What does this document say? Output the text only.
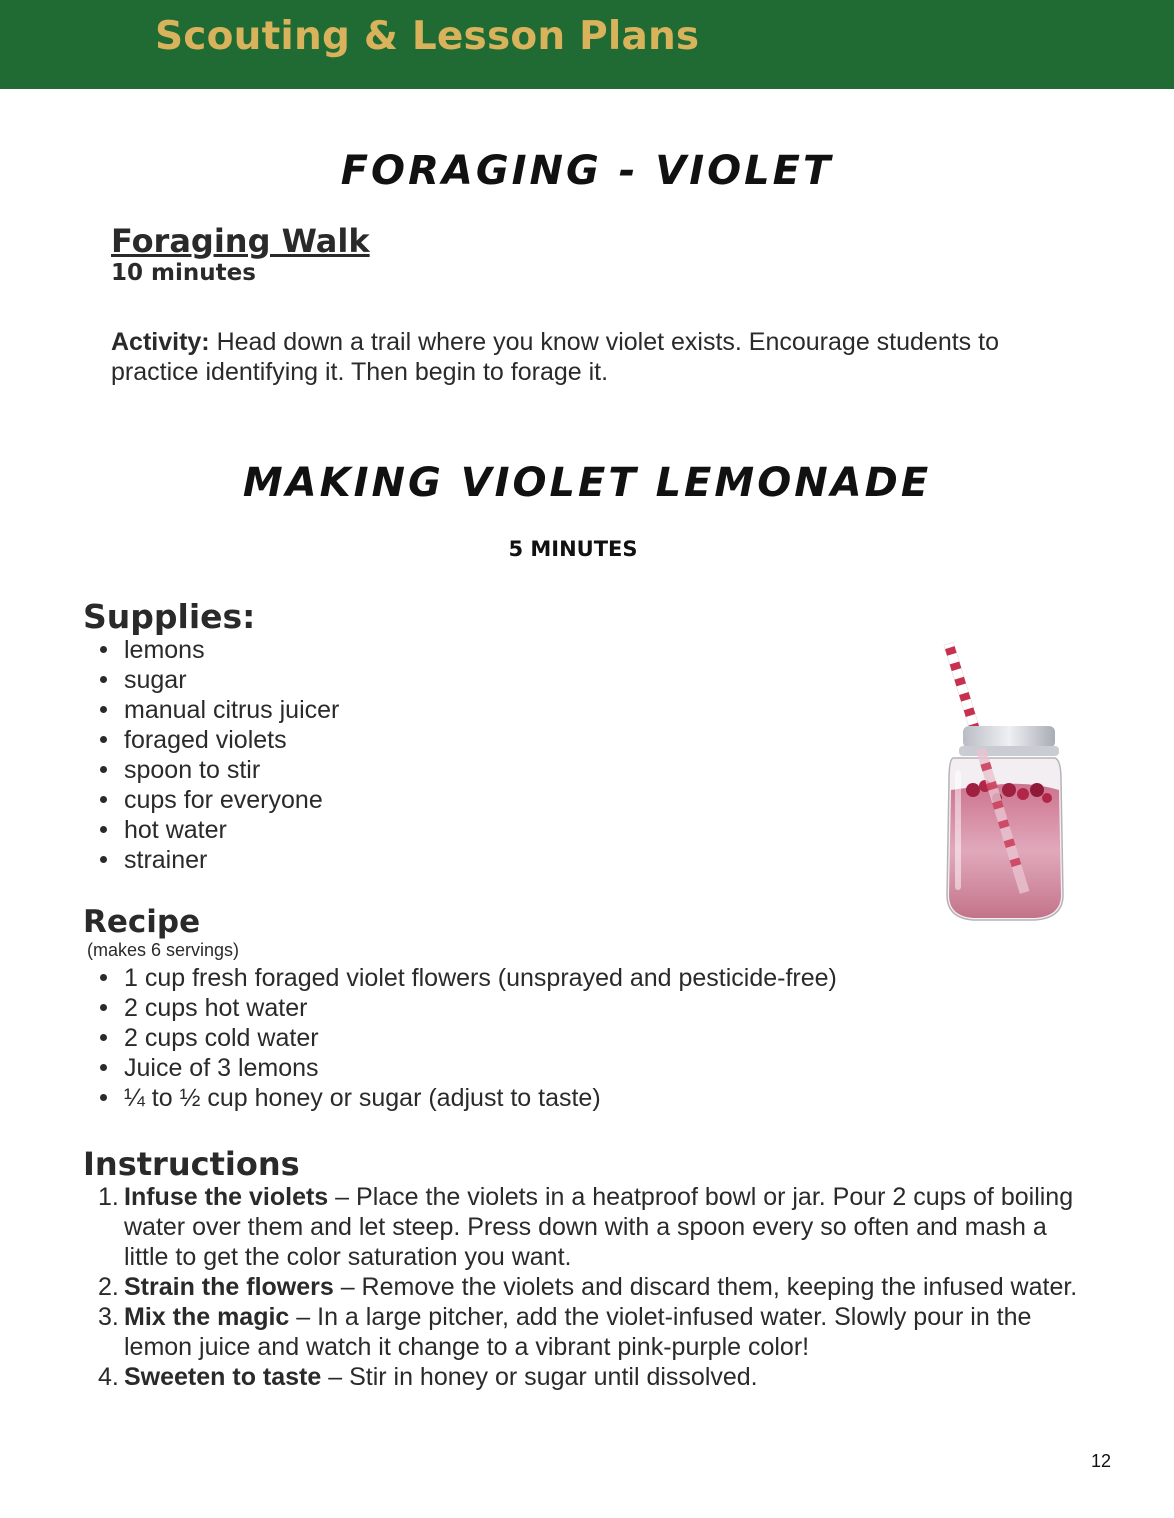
Scouting & Lesson Plans
FORAGING - VIOLET
Foraging Walk
10 minutes
Activity: Head down a trail where you know violet exists. Encourage students to practice identifying it. Then begin to forage it.
MAKING VIOLET LEMONADE
5 MINUTES
Supplies:
lemons
sugar
manual citrus juicer
foraged violets
spoon to stir
cups for everyone
hot water
strainer
Recipe
(makes 6 servings)
1 cup fresh foraged violet flowers (unsprayed and pesticide-free)
2 cups hot water
2 cups cold water
Juice of 3 lemons
¼ to ½ cup honey or sugar (adjust to taste)
Instructions
1. Infuse the violets – Place the violets in a heatproof bowl or jar. Pour 2 cups of boiling water over them and let steep. Press down with a spoon every so often and mash a little to get the color saturation you want.
2. Strain the flowers – Remove the violets and discard them, keeping the infused water.
3. Mix the magic – In a large pitcher, add the violet-infused water. Slowly pour in the lemon juice and watch it change to a vibrant pink-purple color!
4. Sweeten to taste – Stir in honey or sugar until dissolved.
12
